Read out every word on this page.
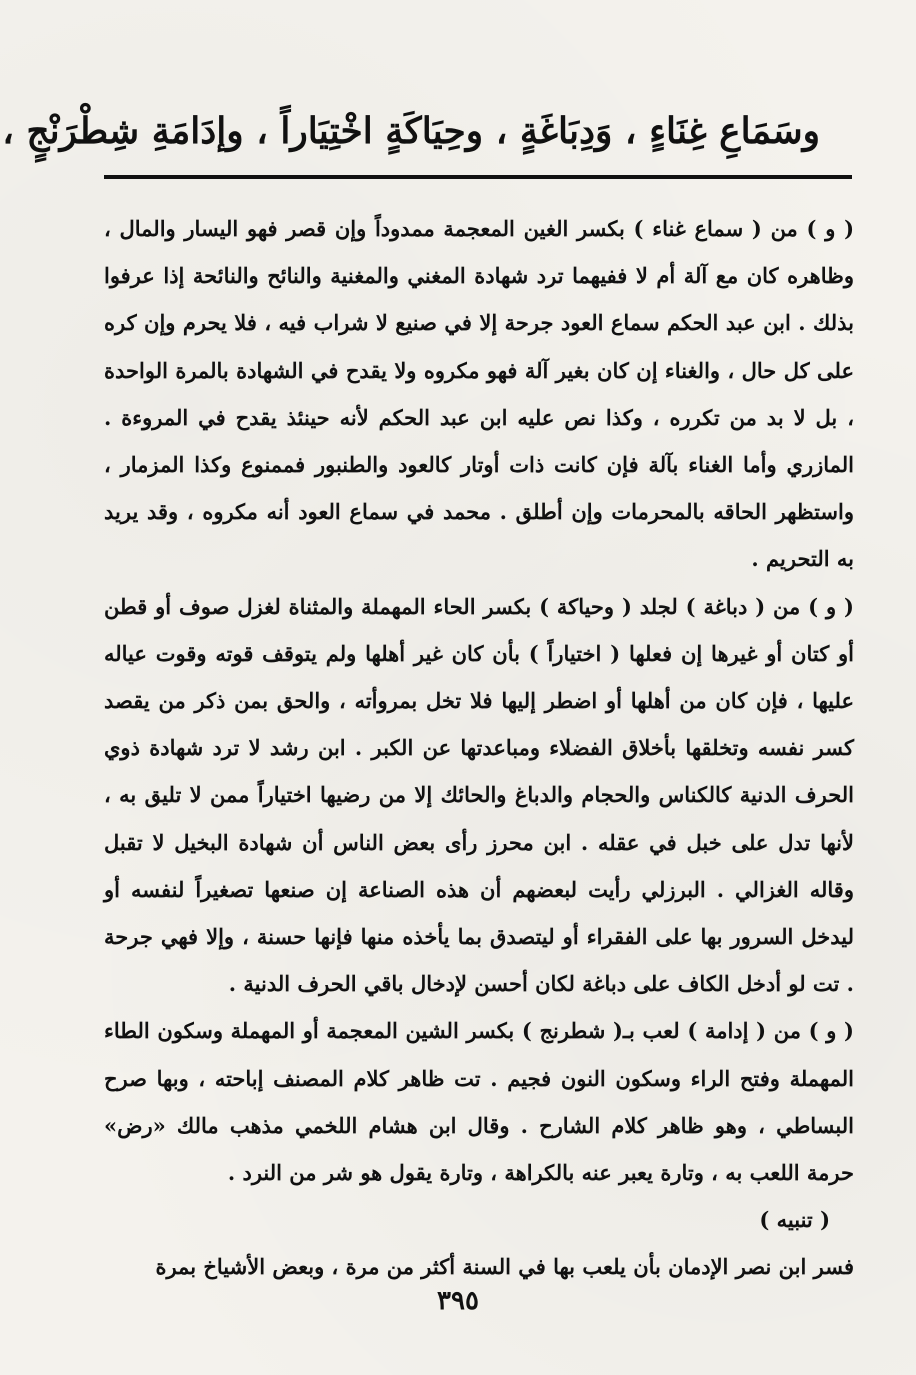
وسَمَاعِ غِنَاءٍ ، وَدِبَاغَةٍ ، وحِيَاكَةٍ اخْتِيَاراً ، وإدَامَةِ شِطْرَنْجٍ ،

( و ) من ( سماع غناء ) بكسر الغين المعجمة ممدوداً وإن قصر فهو اليسار والمال ، وظاهره كان مع آلة أم لا ففيهما ترد شهادة المغني والمغنية والنائح والنائحة إذا عرفوا بذلك . ابن عبد الحكم سماع العود جرحة إلا في صنيع لا شراب فيه ، فلا يحرم وإن كره على كل حال ، والغناء إن كان بغير آلة فهو مكروه ولا يقدح في الشهادة بالمرة الواحدة ، بل لا بد من تكرره ، وكذا نص عليه ابن عبد الحكم لأنه حينئذ يقدح في المروءة . المازري وأما الغناء بآلة فإن كانت ذات أوتار كالعود والطنبور فممنوع وكذا المزمار ، واستظهر الحاقه بالمحرمات وإن أطلق . محمد في سماع العود أنه مكروه ، وقد يريد به التحريم .

( و ) من ( دباغة ) لجلد ( وحياكة ) بكسر الحاء المهملة والمثناة لغزل صوف أو قطن أو كتان أو غيرها إن فعلها ( اختياراً ) بأن كان غير أهلها ولم يتوقف قوته وقوت عياله عليها ، فإن كان من أهلها أو اضطر إليها فلا تخل بمروأته ، والحق بمن ذكر من يقصد كسر نفسه وتخلقها بأخلاق الفضلاء ومباعدتها عن الكبر . ابن رشد لا ترد شهادة ذوي الحرف الدنية كالكناس والحجام والدباغ والحائك إلا من رضيها اختياراً ممن لا تليق به ، لأنها تدل على خبل في عقله . ابن محرز رأى بعض الناس أن شهادة البخيل لا تقبل وقاله الغزالي . البرزلي رأيت لبعضهم أن هذه الصناعة إن صنعها تصغيراً لنفسه أو ليدخل السرور بها على الفقراء أو ليتصدق بما يأخذه منها فإنها حسنة ، وإلا فهي جرحة . تت لو أدخل الكاف على دباغة لكان أحسن لإدخال باقي الحرف الدنية .

( و ) من ( إدامة ) لعب بـ( شطرنج ) بكسر الشين المعجمة أو المهملة وسكون الطاء المهملة وفتح الراء وسكون النون فجيم . تت ظاهر كلام المصنف إباحته ، وبها صرح البساطي ، وهو ظاهر كلام الشارح . وقال ابن هشام اللخمي مذهب مالك «رض» حرمة اللعب به ، وتارة يعبر عنه بالكراهة ، وتارة يقول هو شر من النرد .

( تنبيه )

فسر ابن نصر الإدمان بأن يلعب بها في السنة أكثر من مرة ، وبعض الأشياخ بمرة

٣٩٥
